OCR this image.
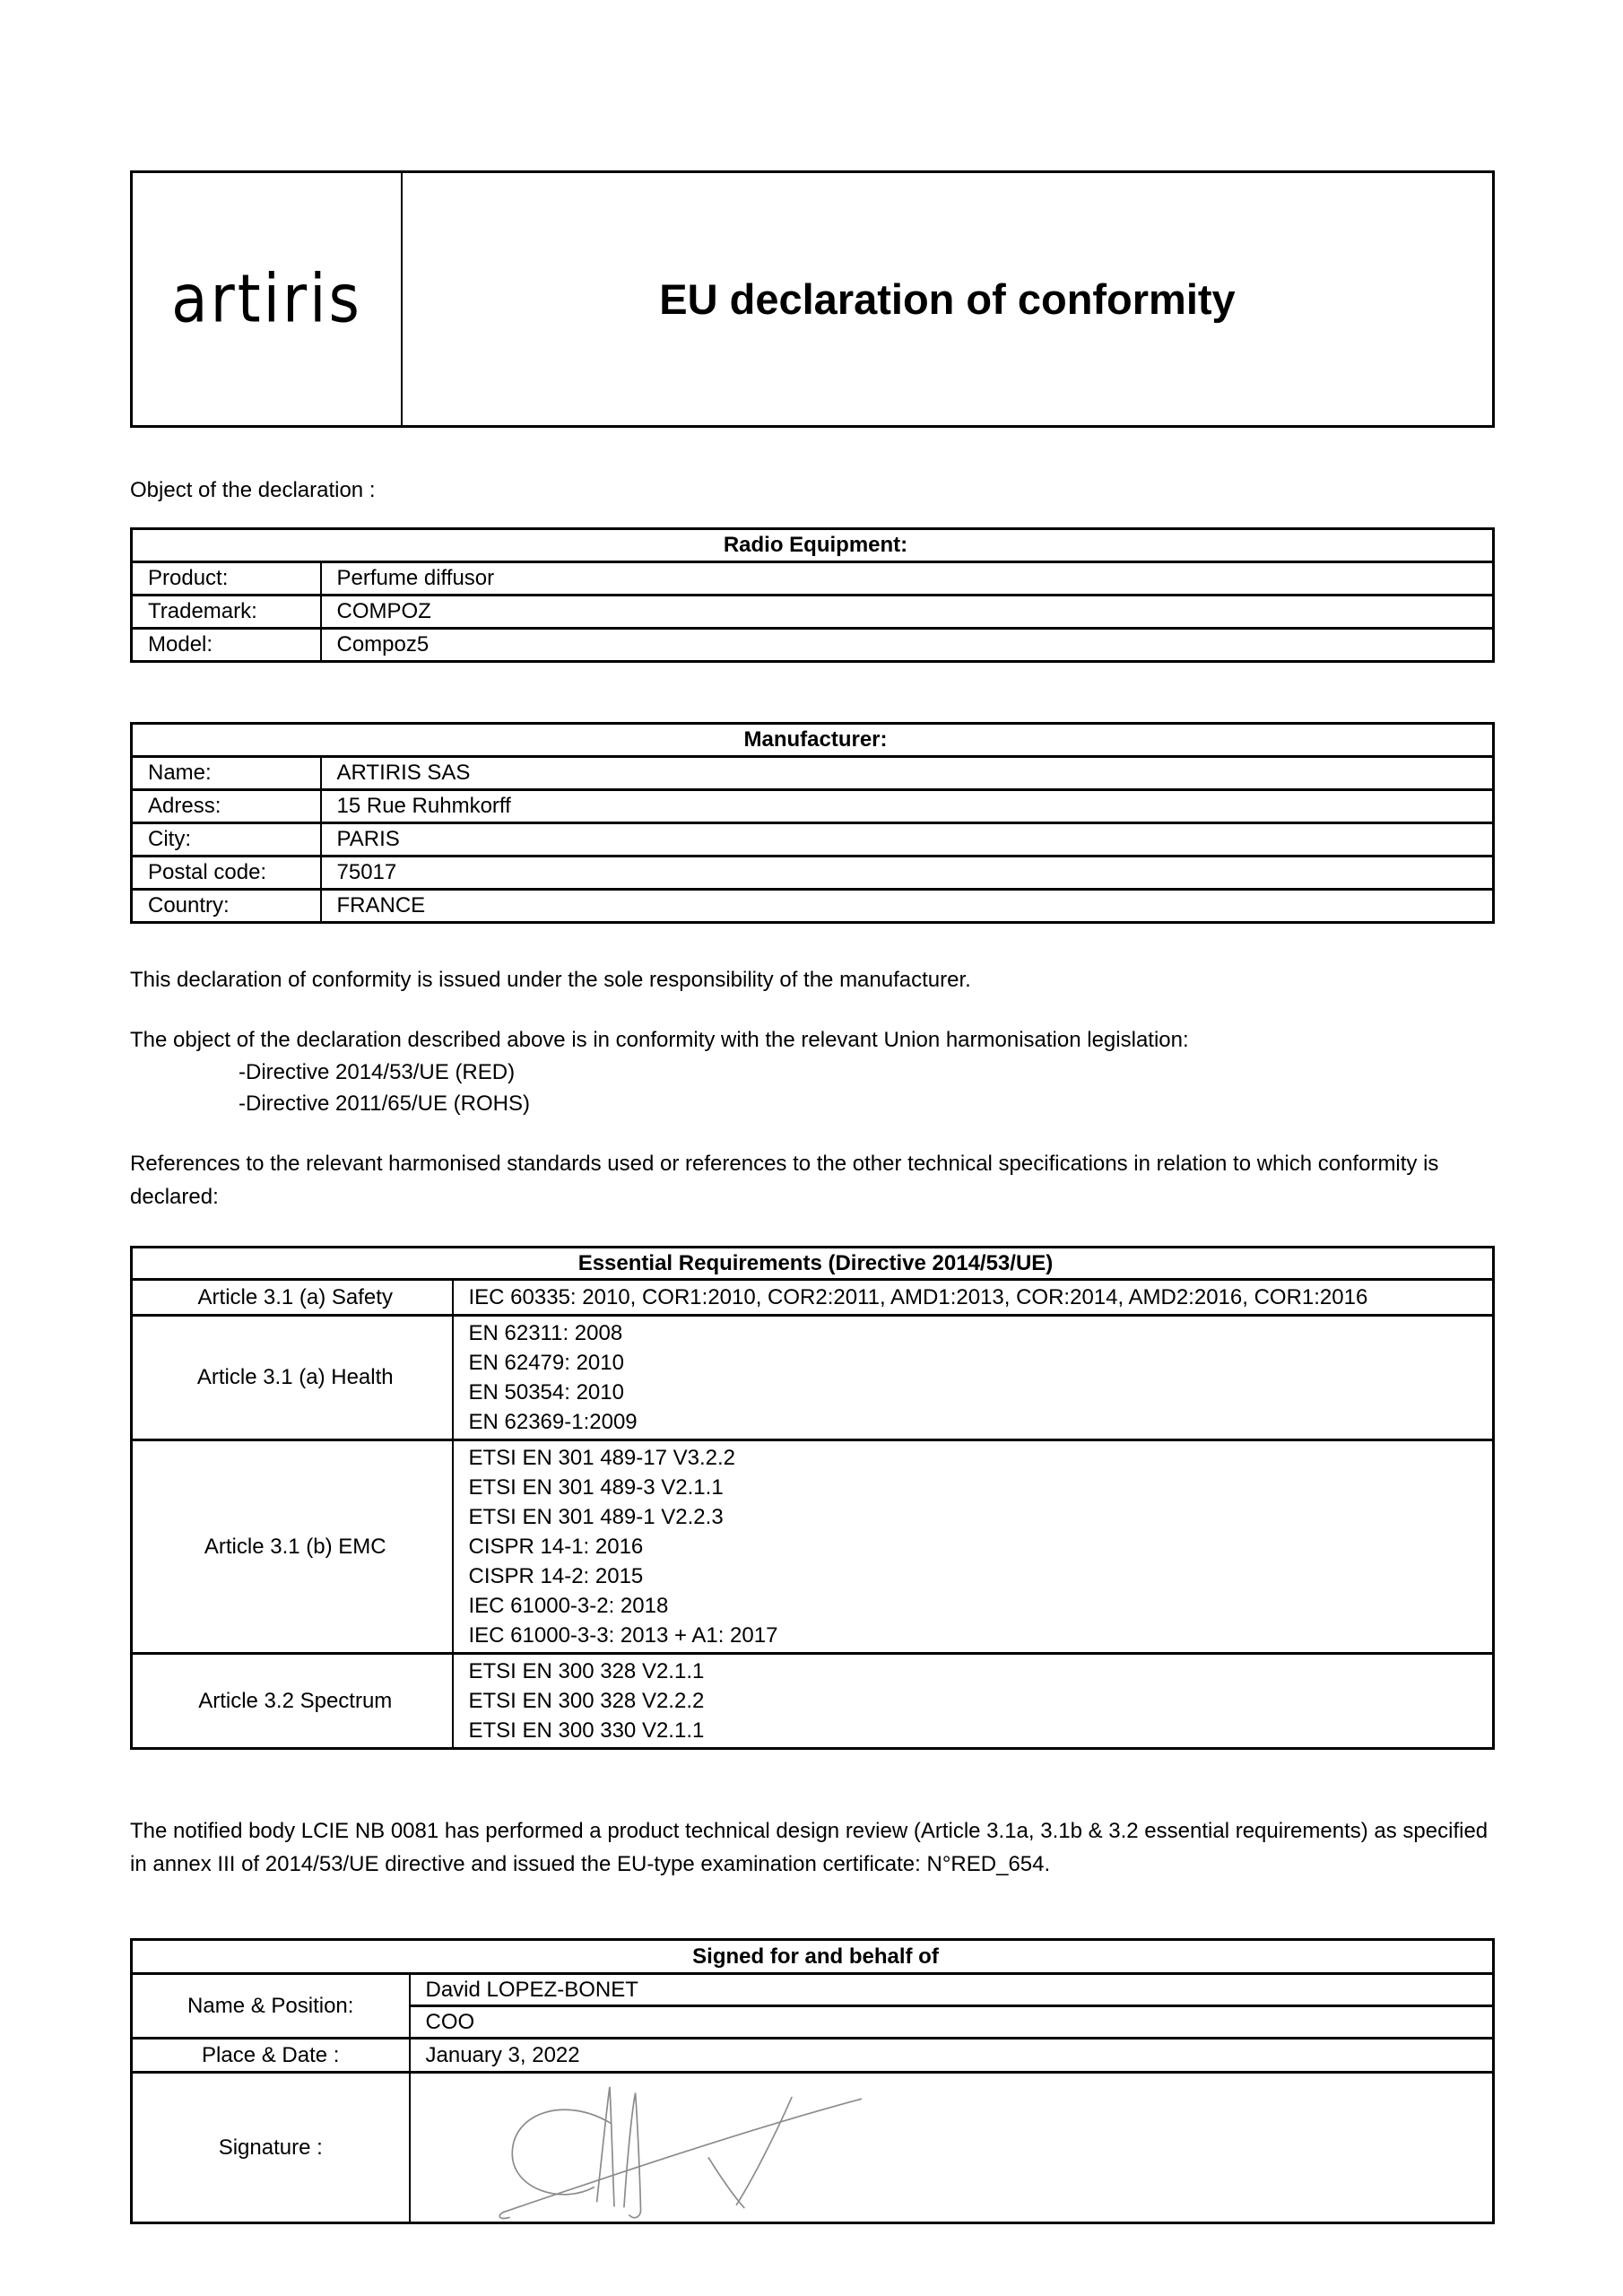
artiris	EU declaration of conformity

Object of the declaration :

Radio Equipment:	
Product:	Perfume diffusor
Trademark:	COMPOZ
Model:	Compoz5
Manufacturer:	
Name:	ARTIRIS SAS
Adress:	15 Rue Ruhmkorff
City:	PARIS
Postal code:	75017
Country:	FRANCE

This declaration of conformity is issued under the sole responsibility of the manufacturer.

The object of the declaration described above is in conformity with the relevant Union harmonisation legislation:

-Directive 2014/53/UE (RED)
-Directive 2011/65/UE (ROHS)

References to the relevant harmonised standards used or references to the other technical specifications in relation to which conformity is declared:

Essential Requirements (Directive 2014/53/UE)	
Article 3.1 (a) Safety	IEC 60335: 2010, COR1:2010, COR2:2011, AMD1:2013, COR:2014, AMD2:2016, COR1:2016

Article 3.1 (a) Health	EN 62311: 2008
EN 62479: 2010
EN 50354: 2010
EN 62369-1:2009

Article 3.1 (b) EMC	
ETSI EN 301 489-17 V3.2.2
ETSI EN 301 489-3 V2.1.1
ETSI EN 301 489-1 V2.2.3
CISPR 14-1: 2016
CISPR 14-2: 2015
IEC 61000-3-2: 2018
IEC 61000-3-3: 2013 + A1: 2017

Article 3.2 Spectrum	ETSI EN 300 328 V2.1.1
ETSI EN 300 328 V2.2.2
ETSI EN 300 330 V2.1.1

The notified body LCIE NB 0081 has performed a product technical design review (Article 3.1a, 3.1b & 3.2 essential requirements) as specified in annex III of 2014/53/UE directive and issued the EU-type examination certificate: N°RED_654.

Signed for and behalf of	
Name & Position:	David LOPEZ-BONET
	COO
Place & Date :	January 3, 2022
Signature :	
